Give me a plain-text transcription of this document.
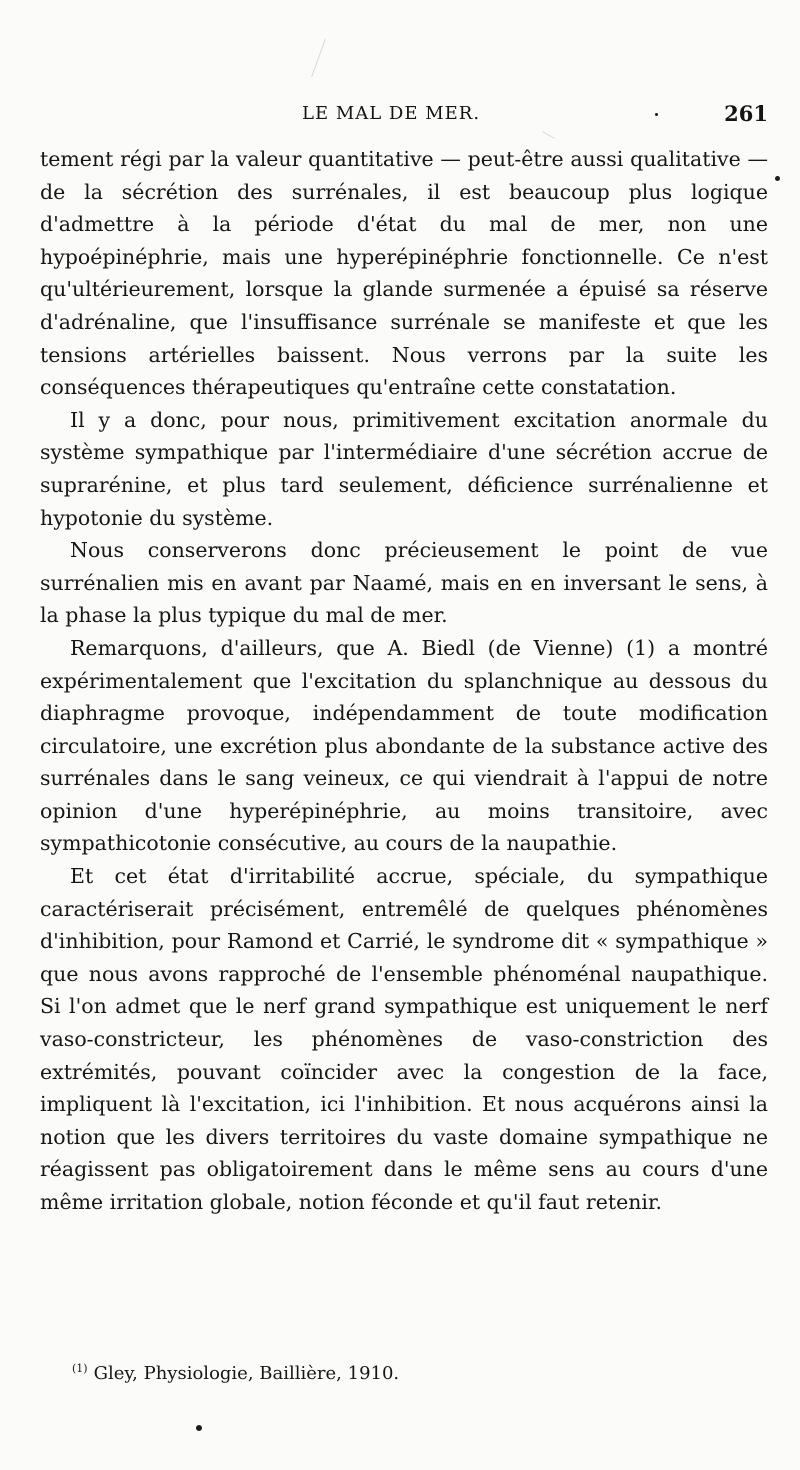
LE MAL DE MER.	261

tement régi par la valeur quantitative — peut-être aussi qualitative — de la sécrétion des surrénales, il est beaucoup plus logique d'admettre à la période d'état du mal de mer, non une hypoépinéphrie, mais une hyperépinéphrie fonctionnelle. Ce n'est qu'ultérieurement, lorsque la glande surmenée a épuisé sa réserve d'adrénaline, que l'insuffisance surrénale se manifeste et que les tensions artérielles baissent. Nous verrons par la suite les conséquences thérapeutiques qu'entraîne cette constatation.

Il y a donc, pour nous, primitivement excitation anormale du système sympathique par l'intermédiaire d'une sécrétion accrue de suprarénine, et plus tard seulement, déficience surrénalienne et hypotonie du système.

Nous conserverons donc précieusement le point de vue surrénalien mis en avant par Naamé, mais en en inversant le sens, à la phase la plus typique du mal de mer.

Remarquons, d'ailleurs, que A. Biedl (de Vienne) (1) a montré expérimentalement que l'excitation du splanchnique au dessous du diaphragme provoque, indépendamment de toute modification circulatoire, une excrétion plus abondante de la substance active des surrénales dans le sang veineux, ce qui viendrait à l'appui de notre opinion d'une hyperépinéphrie, au moins transitoire, avec sympathicotonie consécutive, au cours de la naupathie.

Et cet état d'irritabilité accrue, spéciale, du sympathique caractériserait précisément, entremêlé de quelques phénomènes d'inhibition, pour Ramond et Carrié, le syndrome dit « sympathique » que nous avons rapproché de l'ensemble phénoménal naupathique. Si l'on admet que le nerf grand sympathique est uniquement le nerf vaso-constricteur, les phénomènes de vaso-constriction des extrémités, pouvant coïncider avec la congestion de la face, impliquent là l'excitation, ici l'inhibition. Et nous acquérons ainsi la notion que les divers territoires du vaste domaine sympathique ne réagissent pas obligatoirement dans le même sens au cours d'une même irritation globale, notion féconde et qu'il faut retenir.

$^{(1)}$ Gley, Physiologie, Baillière, 1910.
